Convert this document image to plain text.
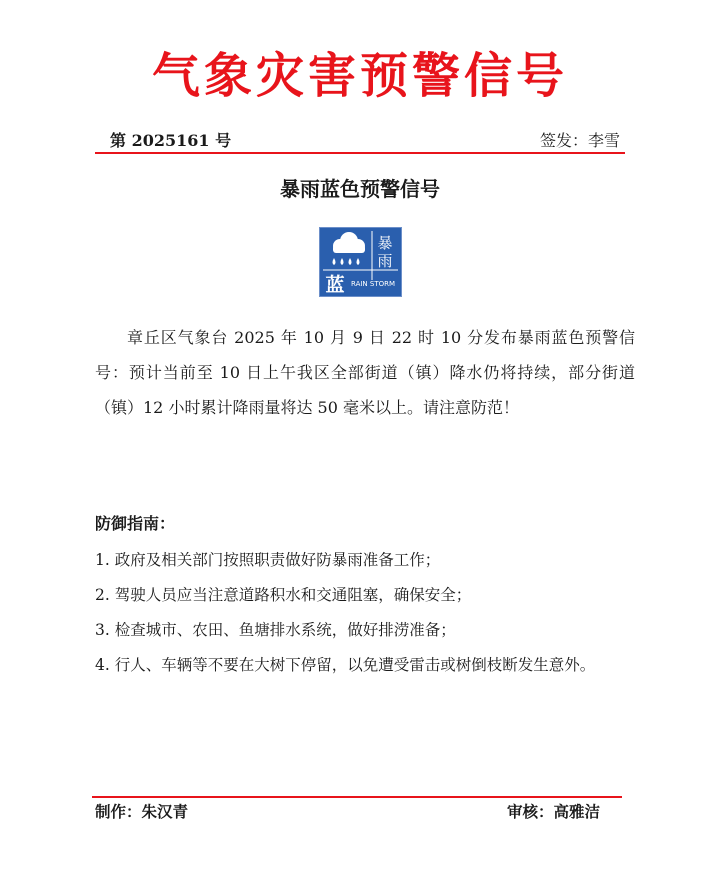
气象灾害预警信号
第 2025161 号	签发：李雪
暴雨蓝色预警信号
暴
雨
蓝 RAIN STORM
章丘区气象台 2025 年 10 月 9 日 22 时 10 分发布暴雨蓝色预警信号：预计当前至 10 日上午我区全部街道（镇）降水仍将持续，部分街道（镇）12 小时累计降雨量将达 50 毫米以上。请注意防范！
防御指南：
1. 政府及相关部门按照职责做好防暴雨准备工作；
2. 驾驶人员应当注意道路积水和交通阻塞，确保安全；
3. 检查城市、农田、鱼塘排水系统，做好排涝准备；
4. 行人、车辆等不要在大树下停留，以免遭受雷击或树倒枝断发生意外。
制作：朱汉青	审核：高雅洁
